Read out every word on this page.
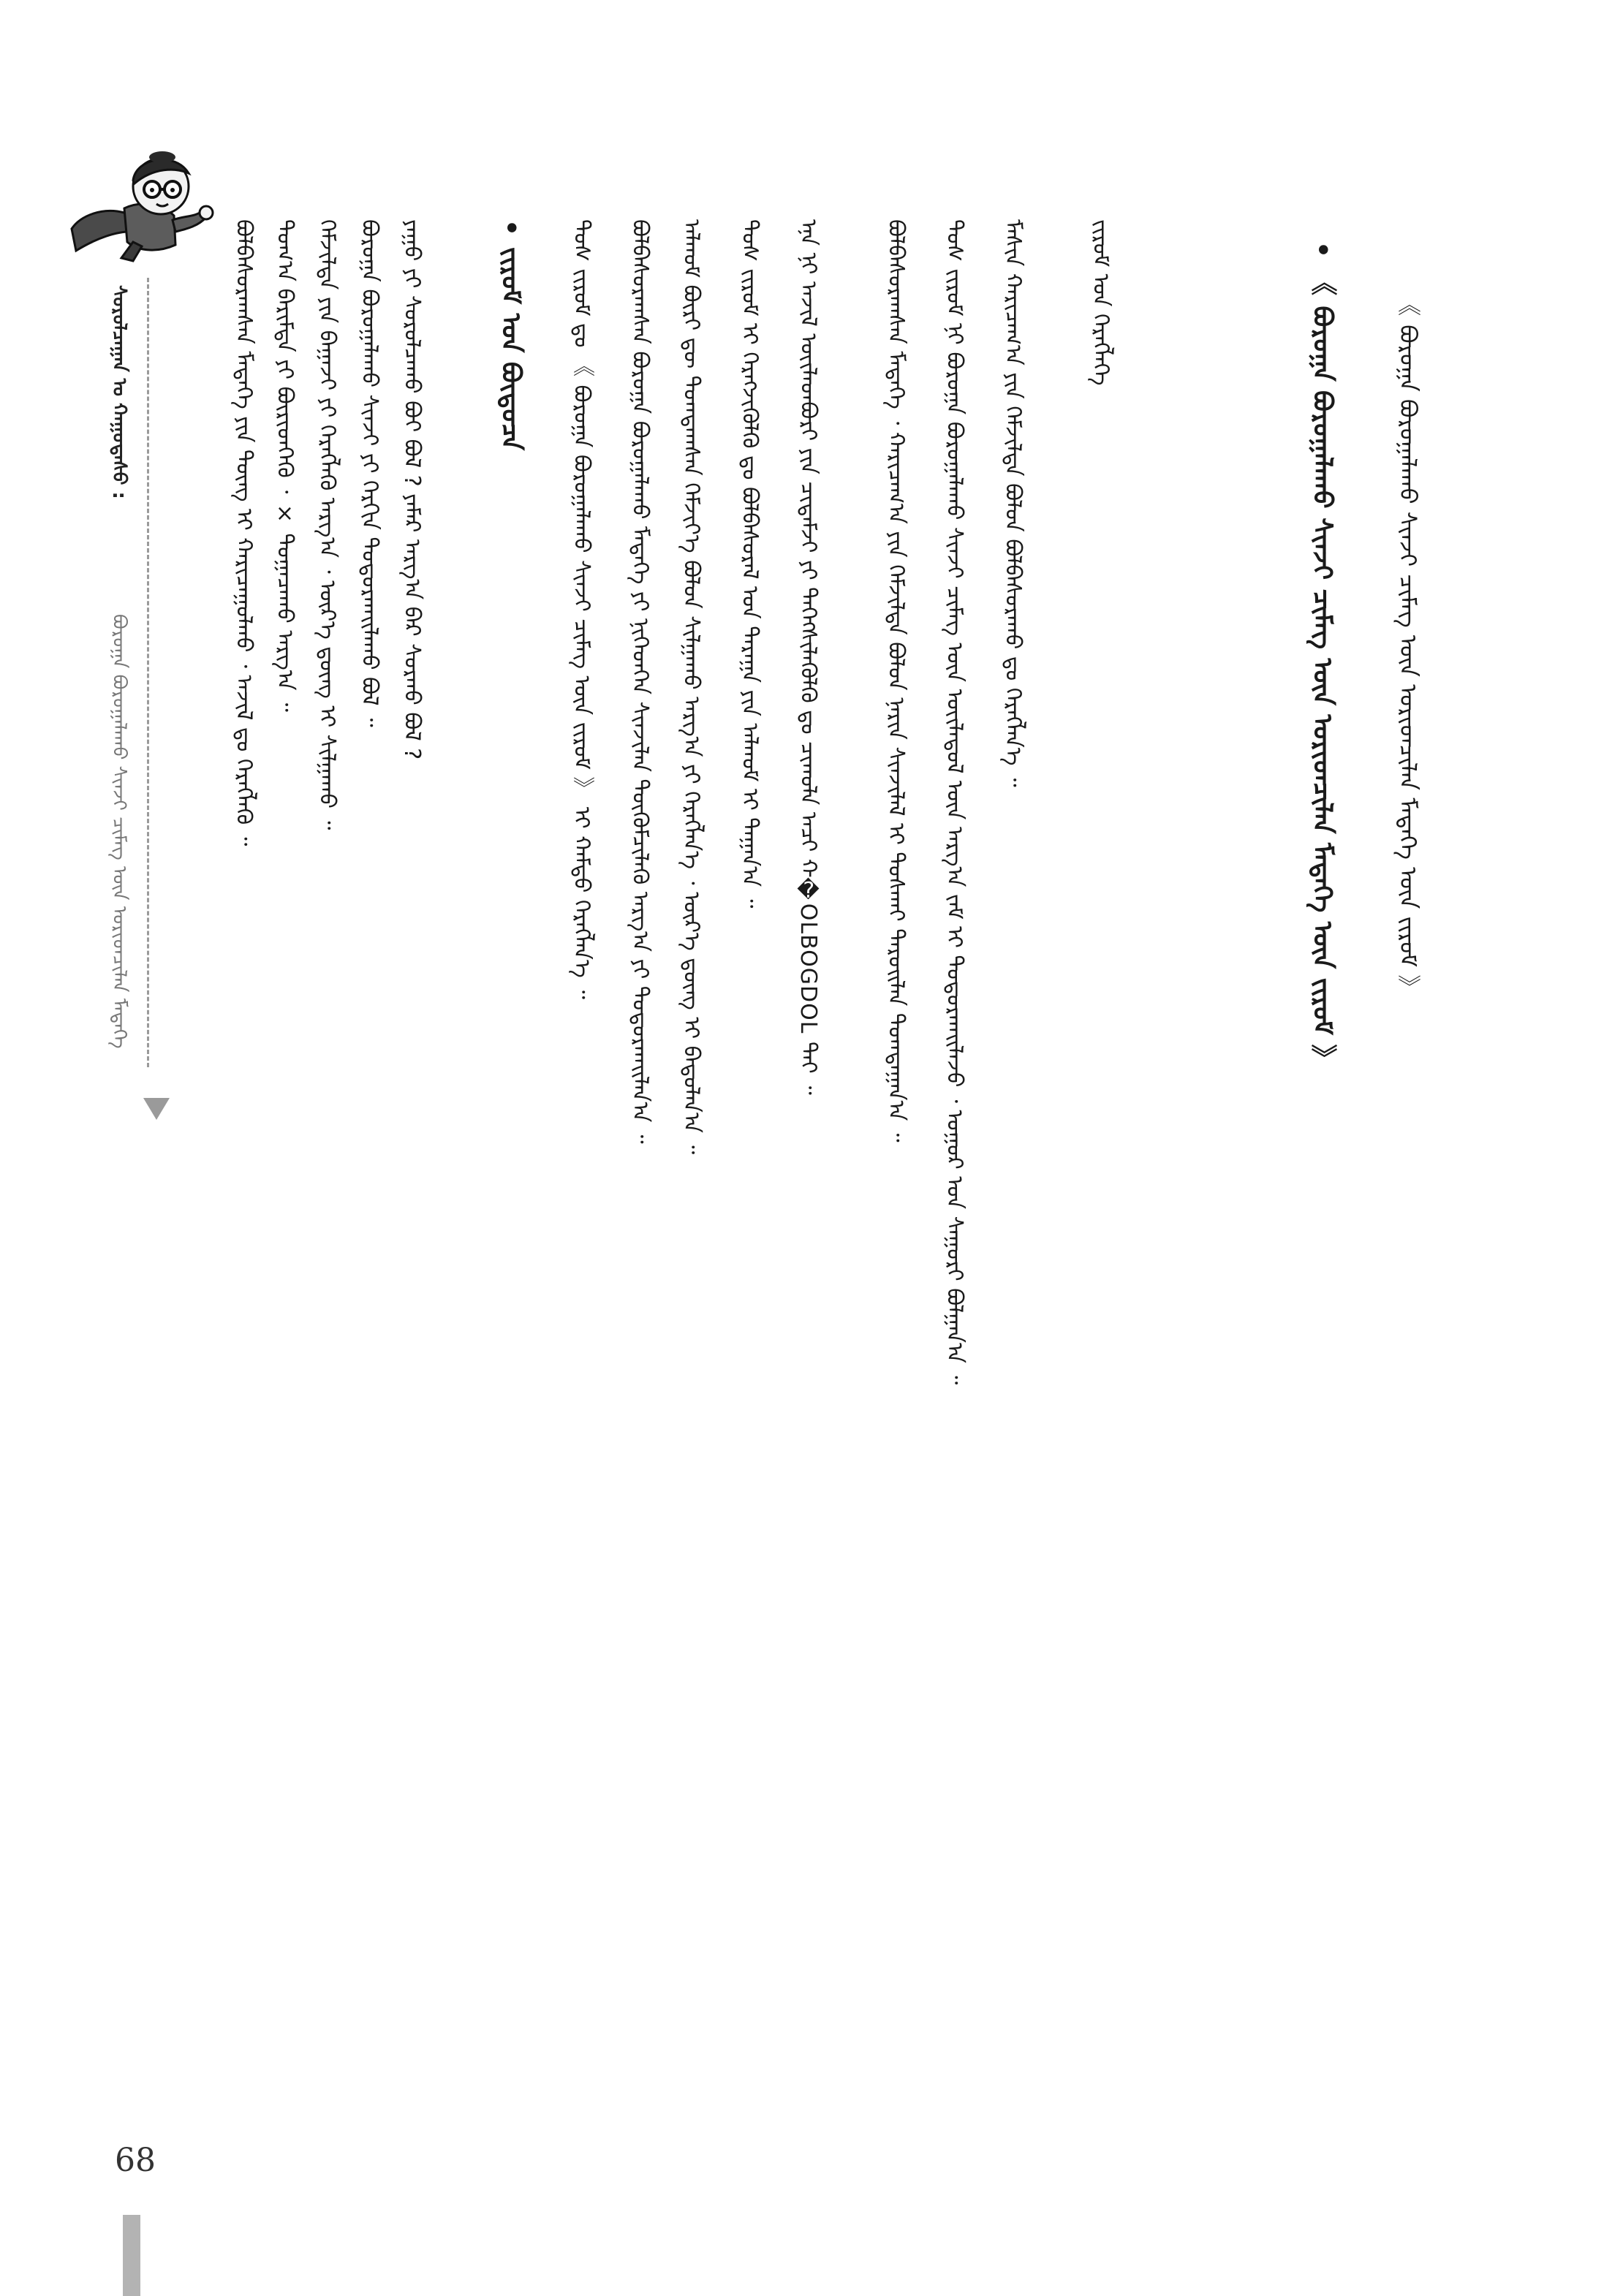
ᠰᠤᠷᠤᠯᠴᠠᠭᠠᠨ ᠤ ᠬᠠᠭᠤᠳᠠᠰᠤ :
ᠪᠣᠷᠣᠭᠠ ᠪᠣᠷᠣᠭᠠᠯᠠᠬᠤ ᠰᠢᠨᠵᠢ ᠴᠢᠮᠡᠭ ᠦᠨ ᠤᠷᠢᠳᠴᠢᠯᠠᠨ ᠮᠡᠳᠡᠭᠡ	ᠪᠣᠯᠪᠠᠰᠤᠷᠠᠭᠰᠠᠨ ᠮᠡᠳᠡᠭᠡ ᠶᠢᠨ ᠳᠦᠩ ᠢ ᠬᠠᠷᠢᠴᠠᠭᠤᠯᠬᠤ ᠂ ᠠᠵᠢᠯ ᠳᠤ ᠬᠡᠷᠡᠭᠯᠡᠬᠦ ᠃ ᠲᠣᠭ᠎ᠠ ᠪᠠᠷᠢᠮᠲᠠ ᠶᠢ ᠪᠦᠷᠢᠳᠬᠡᠬᠦ ᠂ × ᠲᠣᠭᠠᠴᠠᠬᠤ ᠠᠷᠭ᠎ᠠ ᠃ ᠬᠡᠮᠵᠢᠯᠲᠡ ᠶᠢᠨ ᠪᠠᠭᠠᠵᠢ ᠶᠢ ᠬᠡᠷᠡᠭᠯᠡᠬᠦ ᠠᠷᠭ᠎ᠠ ᠂ ᠦᠷ᠎ᠡ ᠳ᠋ᠦᠩ ᠢ ᠰᠢᠯᠭᠠᠬᠤ ᠃ ᠪᠣᠷᠣᠭᠠ ᠪᠣᠷᠣᠭᠠᠯᠠᠬᠤ ᠰᠢᠨᠵᠢ ᠶᠢ ᠬᠡᠷᠬᠢᠨ ᠲᠣᠳᠤᠷᠬᠠᠢᠯᠠᠬᠤ ᠪᠣᠯ ᠃ ᠶᠠᠭᠤ ᠶᠢ ᠰᠤᠷᠤᠯᠴᠠᠬᠤ ᠪᠤᠢ ᠪᠣᠯ ? ᠶᠠᠮᠠᠷ ᠠᠷᠭ᠎ᠠ ᠪᠠᠷ ᠰᠤᠷᠬᠤ ᠪᠣᠯ ?	• ᠵᠢᠷᠤᠮ ᠤᠨ ᠪᠦᠲᠦᠴᠡ ᠲᠤᠰ ᠵᠢᠷᠤᠮ ᠳᠤ 《 ᠪᠣᠷᠣᠭᠠ ᠪᠣᠷᠣᠭᠠᠯᠠᠬᠤ ᠰᠢᠨᠵᠢ ᠴᠢᠮᠡᠭ ᠦᠨ ᠵᠢᠷᠤᠮ 》 ᠢ ᠬᠠᠮᠲᠤ ᠬᠡᠷᠡᠭᠯᠡᠨ᠎ᠡ ᠃ ᠪᠣᠯᠪᠠᠰᠤᠷᠠᠭᠰᠠᠨ ᠪᠣᠷᠣᠭᠠ ᠪᠣᠷᠣᠭᠠᠯᠠᠬᠤ ᠮᠡᠳᠡᠭᠡ ᠶᠢ ᠨᠢᠭᠡᠳᠭᠡᠨ ᠰᠢᠨᠵᠢᠯᠡᠨ ᠳᠦᠭᠦᠮᠴᠢᠯᠡᠬᠦ ᠠᠷᠭ᠎ᠠ ᠶᠢ ᠲᠣᠳᠤᠷᠬᠠᠢᠯᠠᠨ᠎ᠠ ᠃ ᠠᠯᠬᠤᠮ ᠪᠦᠷᠢ ᠳᠦ ᠲᠣᠭᠲᠠᠭᠰᠠᠨ ᠬᠡᠮᠵᠢᠶ᠎ᠡ ᠪᠣᠯᠤᠨ ᠰᠢᠯᠭᠠᠬᠤ ᠠᠷᠭ᠎ᠠ ᠶᠢ ᠬᠡᠷᠡᠭᠯᠡᠨ᠎ᠡ ᠂ ᠦᠷ᠎ᠡ ᠳ᠋ᠦᠩ ᠢ ᠪᠠᠲᠤᠯᠠᠨ᠎ᠠ ᠃ ᠲᠤᠰ ᠵᠢᠷᠤᠮ ᠢ ᠬᠡᠷᠡᠭᠵᠢᠭᠦᠯᠬᠦ ᠳᠤ ᠪᠣᠯᠪᠠᠰᠤᠷᠠᠯ ᠤᠨ ᠳᠠᠷᠠᠭᠠ ᠶᠢᠨ ᠠᠯᠬᠤᠮ ᠢ ᠳᠠᠭᠠᠨ᠎ᠠ ᠃ ᠡᠨᠡ ᠨᠢ ᠠᠵᠢᠯ ᠦᠢᠯᠡᠳᠪᠦᠷᠢ ᠶᠢᠨ ᠴᠢᠳᠠᠮᠵᠢ ᠶᠢ ᠳᠡᠭᠡᠭᠰᠢᠯᠡᠭᠦᠯᠬᠦ ᠳᠤ ᠴᠢᠬᠤᠯᠠ ᠠᠴᠢ ᠬ�OLBOGDOL ᠲᠠᠢ ᠃	ᠪᠣᠯᠪᠠᠰᠤᠷᠠᠭᠰᠠᠨ ᠮᠡᠳᠡᠭᠡ ᠂ ᠬᠠᠷᠢᠴᠠᠭ᠎ᠠ ᠶᠢᠨ ᠬᠡᠮᠵᠢᠯᠲᠡ ᠪᠣᠯᠤᠨ ᠨᠠᠷᠢᠨ ᠰᠢᠨᠵᠢᠯᠡᠯ ᠢ ᠲᠤᠰᠬᠠᠢ ᠳᠠᠷᠤᠢᠯᠠᠨ ᠲᠣᠭᠲᠠᠭᠠᠨ᠎ᠠ ᠃ ᠲᠤᠰ ᠵᠢᠷᠤᠮ ᠨᠢ ᠪᠣᠷᠣᠭᠠ ᠪᠣᠷᠣᠭᠠᠯᠠᠬᠤ ᠰᠢᠨᠵᠢ ᠴᠢᠮᠡᠭ ᠦᠨ ᠦᠢᠯᠡᠳᠦᠯ ᠦᠨ ᠠᠷᠭ᠎ᠠ ᠵᠠᠮ ᠢ ᠲᠣᠳᠤᠷᠬᠠᠢᠯᠠᠵᠤ ᠂ ᠤᠭᠤᠷ ᠤᠨ ᠰᠠᠭᠤᠷᠢ ᠪᠣᠯᠭᠠᠨ᠎ᠠ ᠃ ᠮᠠᠰᠢᠨ ᠬᠠᠷᠢᠴᠠᠭ᠎ᠠ ᠶᠢᠨ ᠬᠡᠮᠵᠢᠯᠲᠡ ᠪᠣᠯᠤᠨ ᠪᠣᠯᠪᠠᠰᠤᠷᠠᠬᠤ ᠳᠤ ᠬᠡᠷᠡᠭᠯᠡᠨ᠎ᠡ ᠃	ᠵᠢᠷᠤᠮ ᠤᠨ ᠬᠡᠷᠡᠭᠯᠡᠭᠡ	• 《 ᠪᠣᠷᠣᠭᠠ ᠪᠣᠷᠣᠭᠠᠯᠠᠬᠤ ᠰᠢᠨᠵᠢ ᠴᠢᠮᠡᠭ ᠦᠨ ᠤᠷᠢᠳᠴᠢᠯᠠᠨ ᠮᠡᠳᠡᠭᠡ ᠦᠨ ᠵᠢᠷᠤᠮ 》 《 ᠪᠣᠷᠣᠭᠠ ᠪᠣᠷᠣᠭᠠᠯᠠᠬᠤ ᠰᠢᠨᠵᠢ ᠴᠢᠮᠡᠭ ᠦᠨ ᠤᠷᠢᠳᠴᠢᠯᠠᠨ ᠮᠡᠳᠡᠭᠡ ᠦᠨ ᠵᠢᠷᠤᠮ 》
68
